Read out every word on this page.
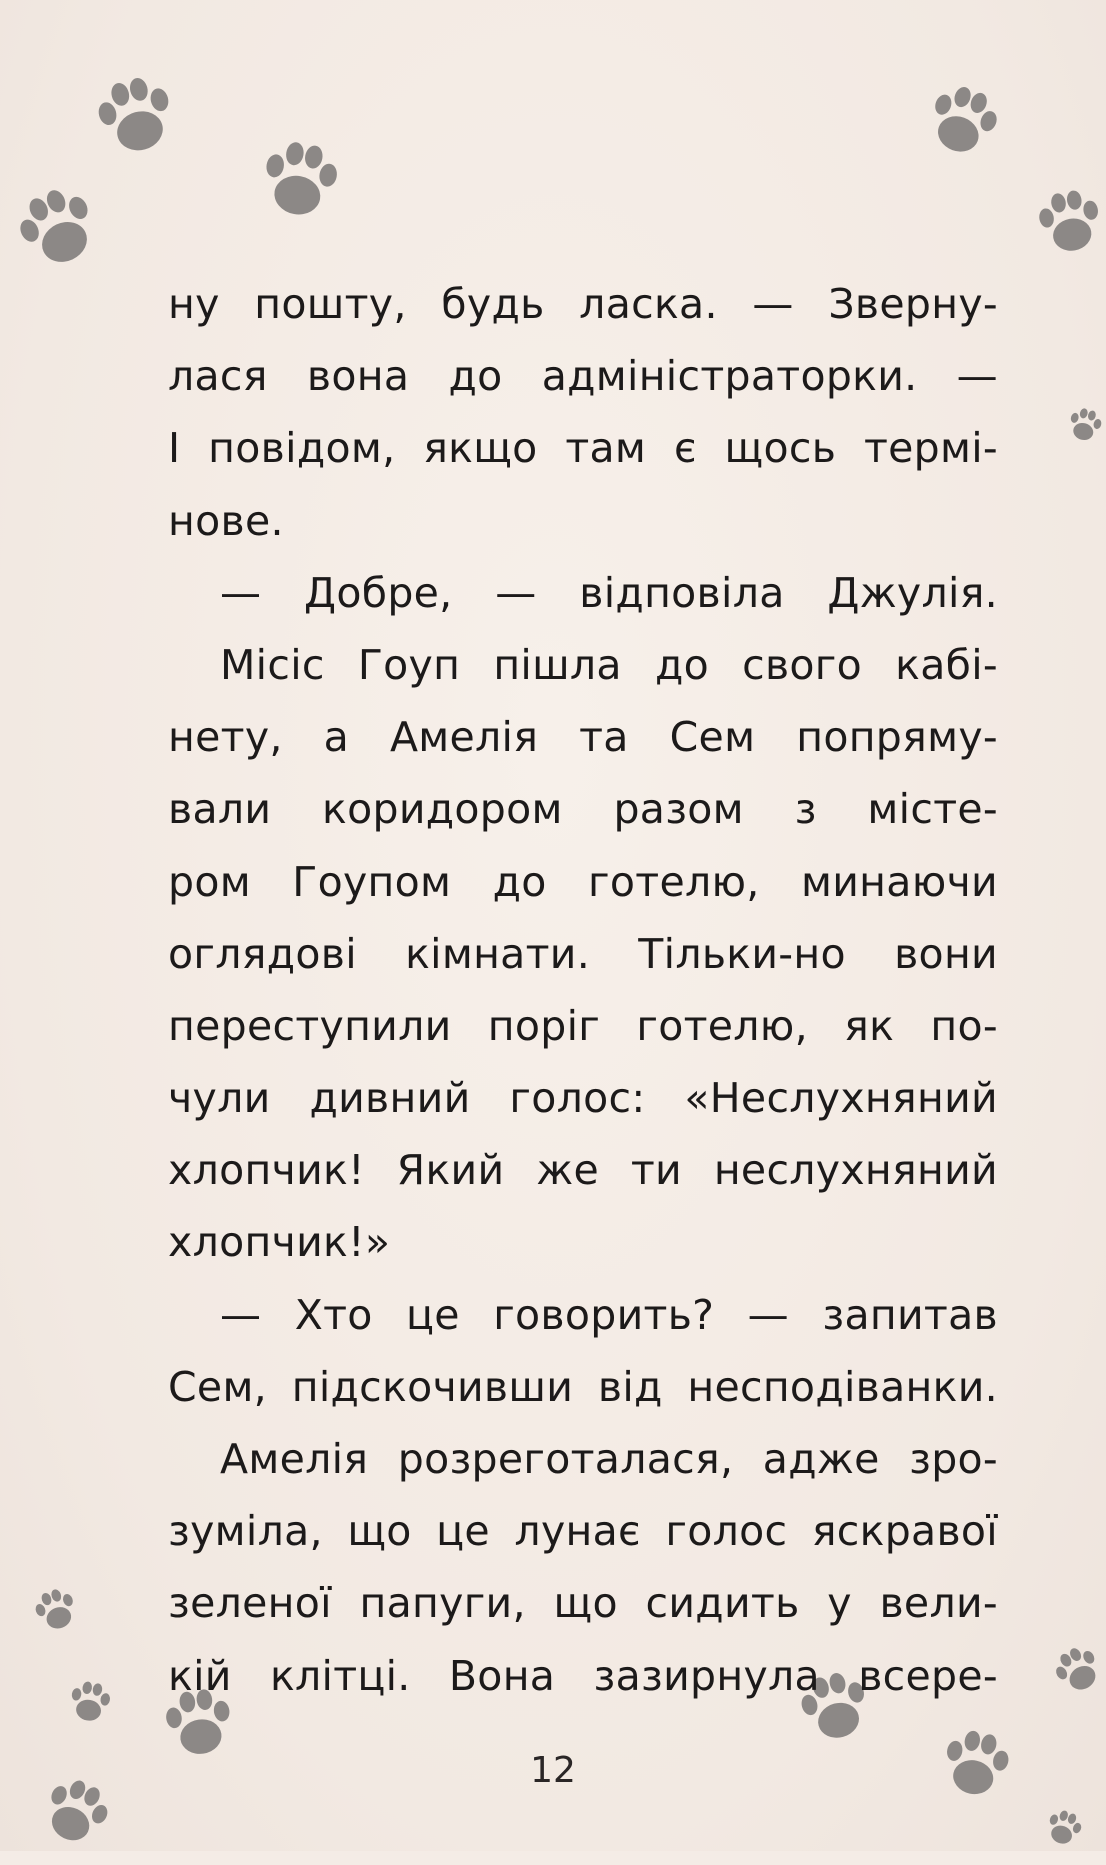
ну пошту, будь ласка. — Зверну-
лася вона до адміністраторки. —
І повідом, якщо там є щось термі-
нове.
— Добре, — відповіла Джулія.
Місіс Гоуп пішла до свого кабі-
нету, а Амелія та Сем попряму-
вали коридором разом з містe-
ром Гоупом до готелю, минаючи
оглядові кімнати. Тільки-но вони
переступили поріг готелю, як по-
чули дивний голос: «Неслухняний
хлопчик! Який же ти неслухняний
хлопчик!»
— Хто це говорить? — запитав
Сем, підскочивши від несподіванки.
Амелія розреготалася, адже зро-
зуміла, що це лунає голос яскравої
зеленої папуги, що сидить у вели-
кій клітці. Вона зазирнула всере-
12
